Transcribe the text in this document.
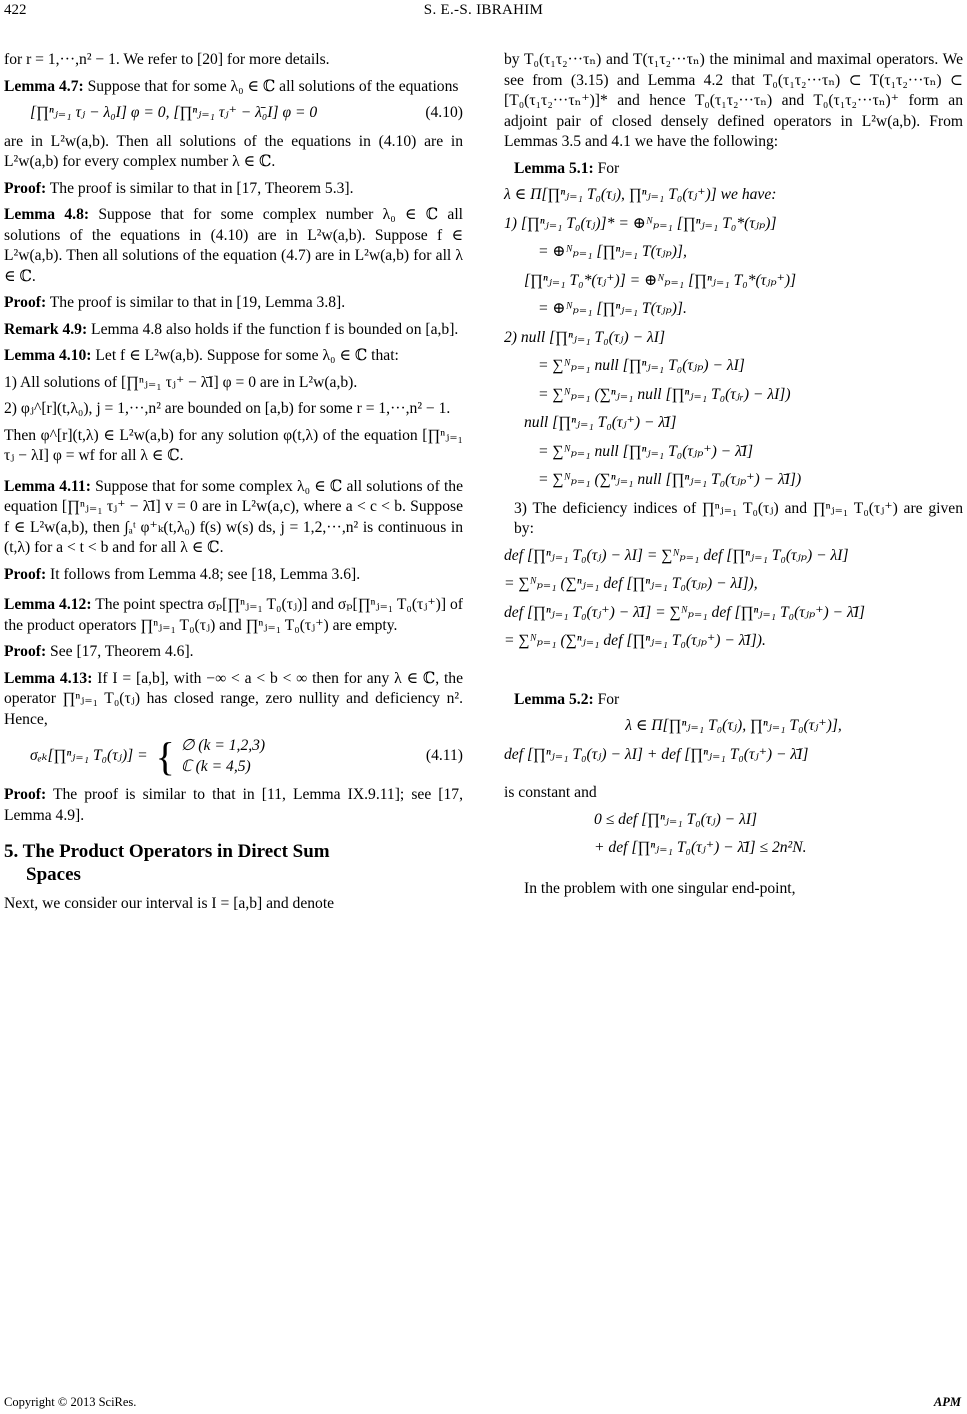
422	S. E.-S. IBRAHIM

for r = 1,···,n² − 1. We refer to [20] for more details.

Lemma 4.7: Suppose that for some λ₀ ∈ ℂ all solutions of the equations

(4.10)
[∏ⁿⱼ₌₁ τⱼ − λ₀I] φ = 0, [∏ⁿⱼ₌₁ τⱼ⁺ − λ̄₀I] φ = 0

are in L²w(a,b). Then all solutions of the equations in (4.10) are in L²w(a,b) for every complex number λ ∈ ℂ.

Proof: The proof is similar to that in [17, Theorem 5.3].

Lemma 4.8: Suppose that for some complex number λ₀ ∈ ℂ all solutions of the equations in (4.10) are in L²w(a,b). Suppose f ∈ L²w(a,b). Then all solutions of the equation (4.7) are in L²w(a,b) for all λ ∈ ℂ.

Proof: The proof is similar to that in [19, Lemma 3.8].

Remark 4.9: Lemma 4.8 also holds if the function f is bounded on [a,b].

Lemma 4.10: Let f ∈ L²w(a,b). Suppose for some λ₀ ∈ ℂ that:

1) All solutions of [∏ⁿⱼ₌₁ τⱼ⁺ − λ̄I] φ = 0 are in L²w(a,b).

2) φⱼ^[r](t,λ₀), j = 1,···,n² are bounded on [a,b) for some r = 1,···,n² − 1.

Then φ^[r](t,λ) ∈ L²w(a,b) for any solution φ(t,λ) of the equation [∏ⁿⱼ₌₁ τⱼ − λI] φ = wf for all λ ∈ ℂ.

Lemma 4.11: Suppose that for some complex λ₀ ∈ ℂ all solutions of the equation [∏ⁿⱼ₌₁ τⱼ⁺ − λ̄I] v = 0 are in L²w(a,c), where a < c < b. Suppose f ∈ L²w(a,b), then ∫ₐᵗ φ⁺ₖ(t,λ₀) f(s) w(s) ds, j = 1,2,···,n² is continuous in (t,λ) for a < t < b and for all λ ∈ ℂ.

Proof: It follows from Lemma 4.8; see [18, Lemma 3.6].

Lemma 4.12: The point spectra σₚ[∏ⁿⱼ₌₁ T₀(τⱼ)] and σₚ[∏ⁿⱼ₌₁ T₀(τⱼ⁺)] of the product operators ∏ⁿⱼ₌₁ T₀(τⱼ) and ∏ⁿⱼ₌₁ T₀(τⱼ⁺) are empty.

Proof: See [17, Theorem 4.6].

Lemma 4.13: If I = [a,b], with −∞ < a < b < ∞ then for any λ ∈ ℂ, the operator ∏ⁿⱼ₌₁ T₀(τⱼ) has closed range, zero nullity and deficiency n². Hence,

σₑₖ[∏ⁿⱼ₌₁ T₀(τⱼ)] = { ∅ (k = 1,2,3)
ℂ (k = 4,5)
(4.11)

Proof: The proof is similar to that in [11, Lemma IX.9.11]; see [17, Lemma 4.9].

5. The Product Operators in Direct Sum
Spaces

Next, we consider our interval is I = [a,b] and denote

by T₀(τ₁τ₂···τₙ) and T(τ₁τ₂···τₙ) the minimal and maximal operators. We see from (3.15) and Lemma 4.2 that T₀(τ₁τ₂···τₙ) ⊂ T(τ₁τ₂···τₙ) ⊂ [T₀(τ₁τ₂···τₙ⁺)]* and hence T₀(τ₁τ₂···τₙ) and T₀(τ₁τ₂···τₙ)⁺ form an adjoint pair of closed densely defined operators in L²w(a,b). From Lemmas 3.5 and 4.1 we have the following:

Lemma 5.1: For

λ ∈ Π[∏ⁿⱼ₌₁ T₀(τⱼ), ∏ⁿⱼ₌₁ T₀(τⱼ⁺)] we have:
1) [∏ⁿⱼ₌₁ T₀(τⱼ)]* = ⊕ᴺₚ₌₁ [∏ⁿⱼ₌₁ T₀*(τⱼₚ)]
= ⊕ᴺₚ₌₁ [∏ⁿⱼ₌₁ T(τⱼₚ)],
[∏ⁿⱼ₌₁ T₀*(τⱼ⁺)] = ⊕ᴺₚ₌₁ [∏ⁿⱼ₌₁ T₀*(τⱼₚ⁺)]
= ⊕ᴺₚ₌₁ [∏ⁿⱼ₌₁ T(τⱼₚ)].
2) null [∏ⁿⱼ₌₁ T₀(τⱼ) − λI]
= ∑ᴺₚ₌₁ null [∏ⁿⱼ₌₁ T₀(τⱼₚ) − λI]
= ∑ᴺₚ₌₁ (∑ⁿⱼ₌₁ null [∏ⁿⱼ₌₁ T₀(τⱼᵣ) − λI])
null [∏ⁿⱼ₌₁ T₀(τⱼ⁺) − λ̄I]
= ∑ᴺₚ₌₁ null [∏ⁿⱼ₌₁ T₀(τⱼₚ⁺) − λ̄I]
= ∑ᴺₚ₌₁ (∑ⁿⱼ₌₁ null [∏ⁿⱼ₌₁ T₀(τⱼₚ⁺) − λ̄I])

3) The deficiency indices of ∏ⁿⱼ₌₁ T₀(τⱼ) and ∏ⁿⱼ₌₁ T₀(τⱼ⁺) are given by:

def [∏ⁿⱼ₌₁ T₀(τⱼ) − λI] = ∑ᴺₚ₌₁ def [∏ⁿⱼ₌₁ T₀(τⱼₚ) − λI]
= ∑ᴺₚ₌₁ (∑ⁿⱼ₌₁ def [∏ⁿⱼ₌₁ T₀(τⱼₚ) − λI]),
def [∏ⁿⱼ₌₁ T₀(τⱼ⁺) − λ̄I] = ∑ᴺₚ₌₁ def [∏ⁿⱼ₌₁ T₀(τⱼₚ⁺) − λ̄I]
= ∑ᴺₚ₌₁ (∑ⁿⱼ₌₁ def [∏ⁿⱼ₌₁ T₀(τⱼₚ⁺) − λ̄I]).

Lemma 5.2: For

λ ∈ Π[∏ⁿⱼ₌₁ T₀(τⱼ), ∏ⁿⱼ₌₁ T₀(τⱼ⁺)],
def [∏ⁿⱼ₌₁ T₀(τⱼ) − λI] + def [∏ⁿⱼ₌₁ T₀(τⱼ⁺) − λ̄I]

is constant and

0 ≤ def [∏ⁿⱼ₌₁ T₀(τⱼ) − λI]
+ def [∏ⁿⱼ₌₁ T₀(τⱼ⁺) − λ̄I] ≤ 2n²N.

In the problem with one singular end-point,

Copyright © 2013 SciRes.	APM
